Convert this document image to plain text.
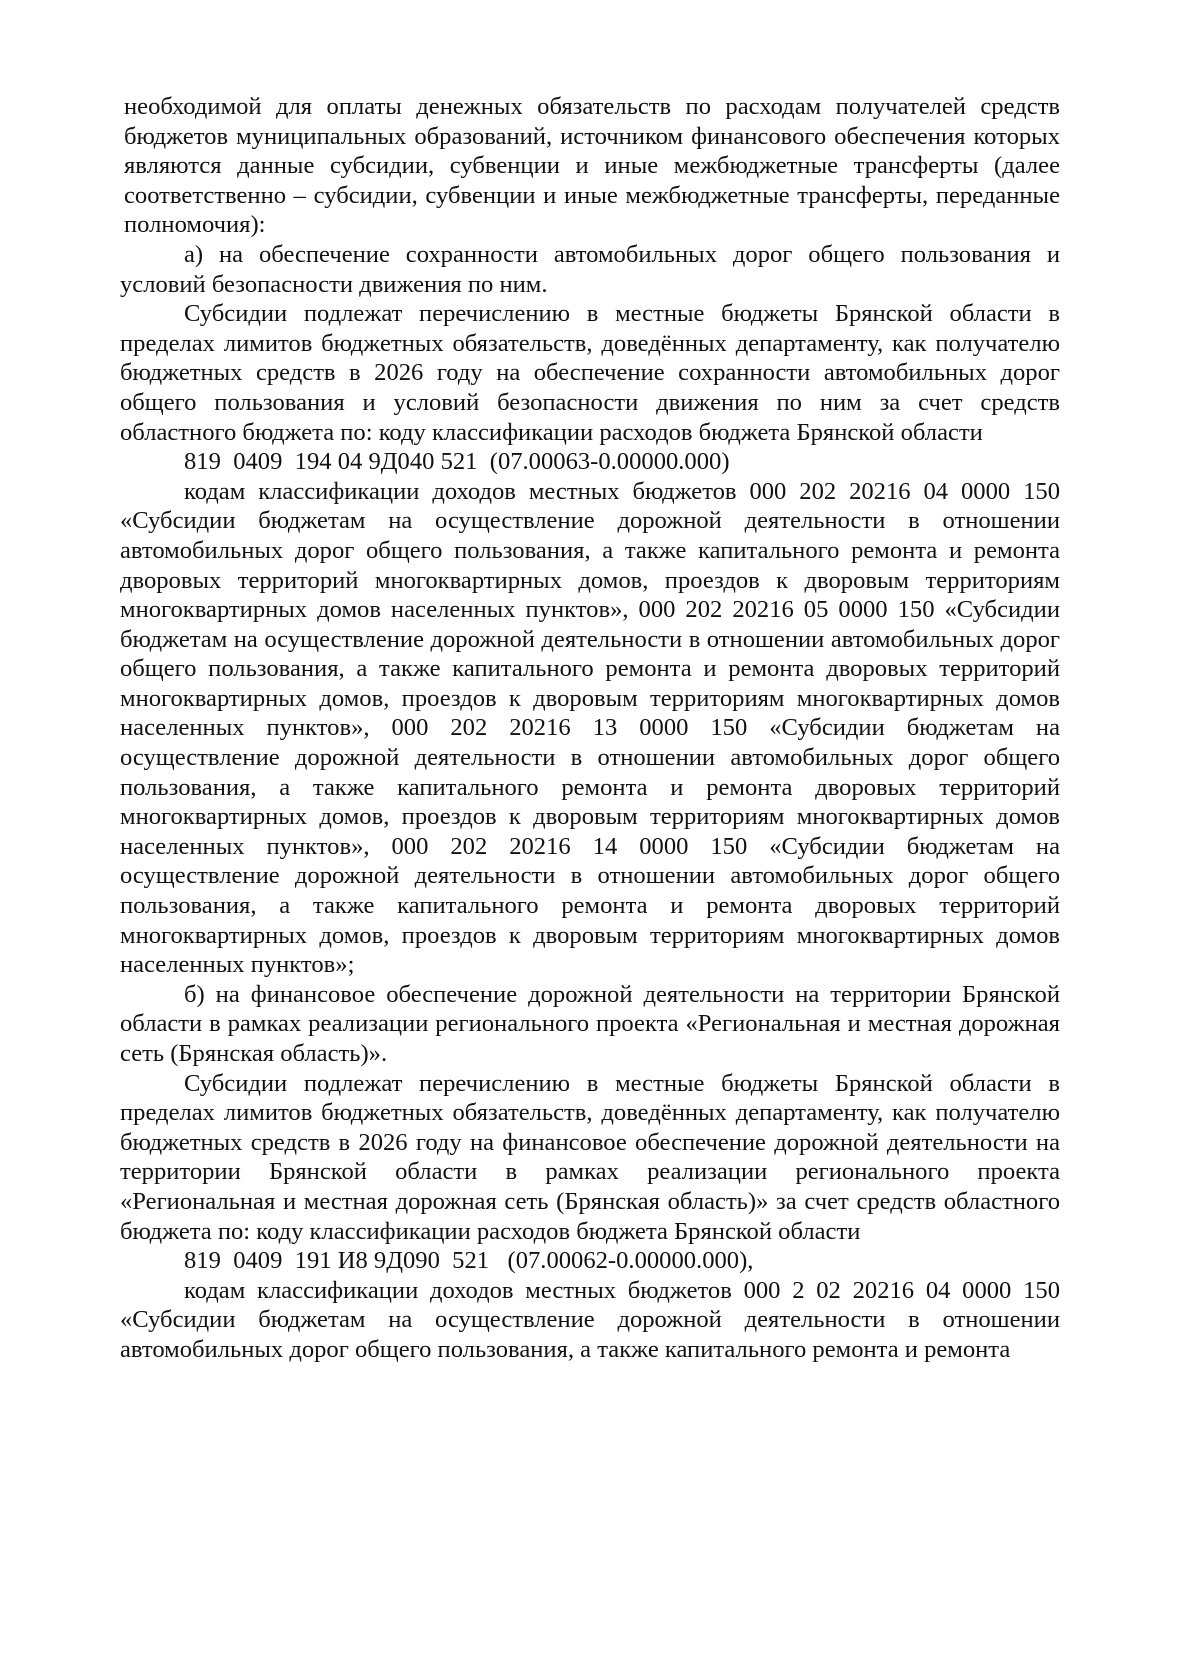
необходимой для оплаты денежных обязательств по расходам получателей средств бюджетов муниципальных образований, источником финансового обеспечения которых являются данные субсидии, субвенции и иные межбюджетные трансферты (далее соответственно – субсидии, субвенции и иные межбюджетные трансферты, переданные полномочия):

а) на обеспечение сохранности автомобильных дорог общего пользования и условий безопасности движения по ним.

Субсидии подлежат перечислению в местные бюджеты Брянской области в пределах лимитов бюджетных обязательств, доведённых департаменту, как получателю бюджетных средств в 2026 году на обеспечение сохранности автомобильных дорог общего пользования и условий безопасности движения по ним за счет средств областного бюджета по: коду классификации расходов бюджета Брянской области

819  0409  194 04 9Д040 521  (07.00063-0.00000.000)

кодам классификации доходов местных бюджетов 000 202 20216 04 0000 150 «Субсидии бюджетам на осуществление дорожной деятельности в отношении автомобильных дорог общего пользования, а также капитального ремонта и ремонта дворовых территорий многоквартирных домов, проездов к дворовым территориям многоквартирных домов населенных пунктов», 000 202 20216 05 0000 150 «Субсидии бюджетам на осуществление дорожной деятельности в отношении автомобильных дорог общего пользования, а также капитального ремонта и ремонта дворовых территорий многоквартирных домов, проездов к дворовым территориям многоквартирных домов населенных пунктов», 000 202 20216 13 0000 150 «Субсидии бюджетам на осуществление дорожной деятельности в отношении автомобильных дорог общего пользования, а также капитального ремонта и ремонта дворовых территорий многоквартирных домов, проездов к дворовым территориям многоквартирных домов населенных пунктов», 000 202 20216 14 0000 150 «Субсидии бюджетам на осуществление дорожной деятельности в отношении автомобильных дорог общего пользования, а также капитального ремонта и ремонта дворовых территорий многоквартирных домов, проездов к дворовым территориям многоквартирных домов населенных пунктов»;

б) на финансовое обеспечение дорожной деятельности на территории Брянской области в рамках реализации регионального проекта «Региональная и местная дорожная сеть (Брянская область)».

Субсидии подлежат перечислению в местные бюджеты Брянской области в пределах лимитов бюджетных обязательств, доведённых департаменту, как получателю бюджетных средств в 2026 году на финансовое обеспечение дорожной деятельности на территории Брянской области в рамках реализации регионального проекта «Региональная и местная дорожная сеть (Брянская область)» за счет средств областного бюджета по: коду классификации расходов бюджета Брянской области

819  0409  191 И8 9Д090  521   (07.00062-0.00000.000),

кодам классификации доходов местных бюджетов 000 2 02 20216 04 0000 150 «Субсидии бюджетам на осуществление дорожной деятельности в отношении автомобильных дорог общего пользования, а также капитального ремонта и ремонта
